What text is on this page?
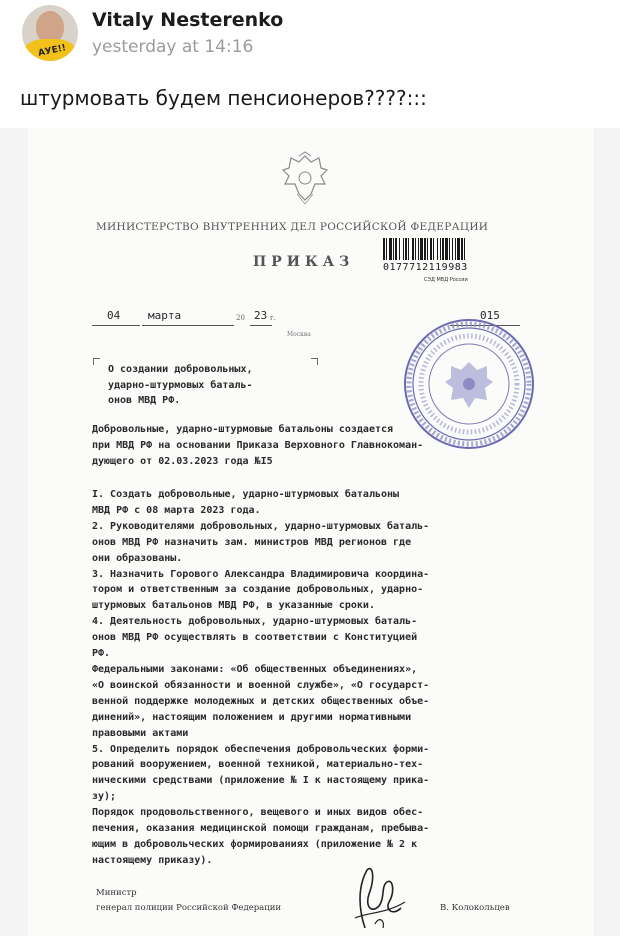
АУЕ!!
Vitaly Nesterenko
yesterday at 14:16
штурмовать будем пенсионеров????:::
МИНИСТЕРСТВО ВНУТРЕННИХ ДЕЛ РОССИЙСКОЙ ФЕДЕРАЦИИ
ПРИКАЗ	0177712119983
СЭД МВД России
04	марта	20 23 г.	015
Москва
О создании добровольных,
ударно-штурмовых баталь-
онов МВД РФ.
Добровольные, ударно-штурмовые батальоны создается
при МВД РФ на основании Приказа Верховного Главнокоман-
дующего от 02.03.2023 года №I5
I. Создать добровольные, ударно-штурмовых батальоны
МВД РФ с 08 марта 2023 года.
2. Руководителями добровольных, ударно-штурмовых баталь-
онов МВД РФ назначить зам. министров МВД регионов где
они образованы.
3. Назначить Горового Александра Владимировича координа-
тором и ответственным за создание добровольных, ударно-
штурмовых батальонов МВД РФ, в указанные сроки.
4. Деятельность добровольных, ударно-штурмовых баталь-
онов МВД РФ осуществлять в соответствии с Конституцией
РФ.
Федеральными законами: «Об общественных объединениях»,
«О воинской обязанности и военной службе», «О государст-
венной поддержке молодежных и детских общественных объе-
динений», настоящим положением и другими нормативными
правовыми актами
5. Определить порядок обеспечения добровольческих форми-
рований вооружением, военной техникой, материально-тех-
ническими средствами (приложение № I к настоящему прика-
зу);
Порядок продовольственного, вещевого и иных видов обес-
печения, оказания медицинской помощи гражданам, пребыва-
ющим в добровольческих формированиях (приложение № 2 к
настоящему приказу).
Министр
генерал полиции Российской Федерации	В. Колокольцев
